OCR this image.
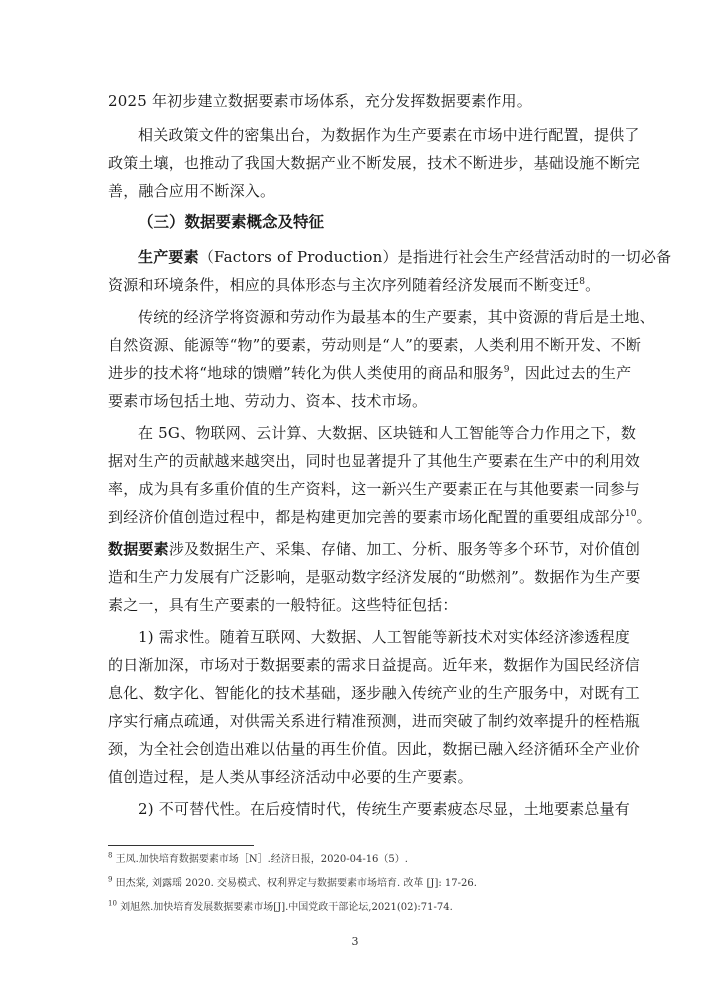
2025 年初步建立数据要素市场体系，充分发挥数据要素作用。
相关政策文件的密集出台，为数据作为生产要素在市场中进行配置，提供了
政策土壤，也推动了我国大数据产业不断发展，技术不断进步，基础设施不断完
善，融合应用不断深入。
（三）数据要素概念及特征
生产要素（Factors of Production）是指进行社会生产经营活动时的一切必备
资源和环境条件，相应的具体形态与主次序列随着经济发展而不断变迁$^8$。
传统的经济学将资源和劳动作为最基本的生产要素，其中资源的背后是土地、
自然资源、能源等“物”的要素，劳动则是“人”的要素，人类利用不断开发、不断
进步的技术将“地球的馈赠”转化为供人类使用的商品和服务$^9$，因此过去的生产
要素市场包括土地、劳动力、资本、技术市场。
在 5G、物联网、云计算、大数据、区块链和人工智能等合力作用之下，数
据对生产的贡献越来越突出，同时也显著提升了其他生产要素在生产中的利用效
率，成为具有多重价值的生产资料，这一新兴生产要素正在与其他要素一同参与
到经济价值创造过程中，都是构建更加完善的要素市场化配置的重要组成部分$^{10}$。
数据要素涉及数据生产、采集、存储、加工、分析、服务等多个环节，对价值创
造和生产力发展有广泛影响，是驱动数字经济发展的“助燃剂”。数据作为生产要
素之一，具有生产要素的一般特征。这些特征包括：
1) 需求性。随着互联网、大数据、人工智能等新技术对实体经济渗透程度
的日渐加深，市场对于数据要素的需求日益提高。近年来，数据作为国民经济信
息化、数字化、智能化的技术基础，逐步融入传统产业的生产服务中，对既有工
序实行痛点疏通，对供需关系进行精准预测，进而突破了制约效率提升的桎梏瓶
颈，为全社会创造出难以估量的再生价值。因此，数据已融入经济循环全产业价
值创造过程，是人类从事经济活动中必要的生产要素。
2) 不可替代性。在后疫情时代，传统生产要素疲态尽显，土地要素总量有
$^8$ 王凤.加快培育数据要素市场［N］.经济日报，2020-04-16（5）.
$^9$ 田杰棠, 刘露瑶 2020. 交易模式、权利界定与数据要素市场培育. 改革 [J]: 17-26.
$^{10}$ 刘旭然.加快培育发展数据要素市场[J].中国党政干部论坛,2021(02):71-74.
3
